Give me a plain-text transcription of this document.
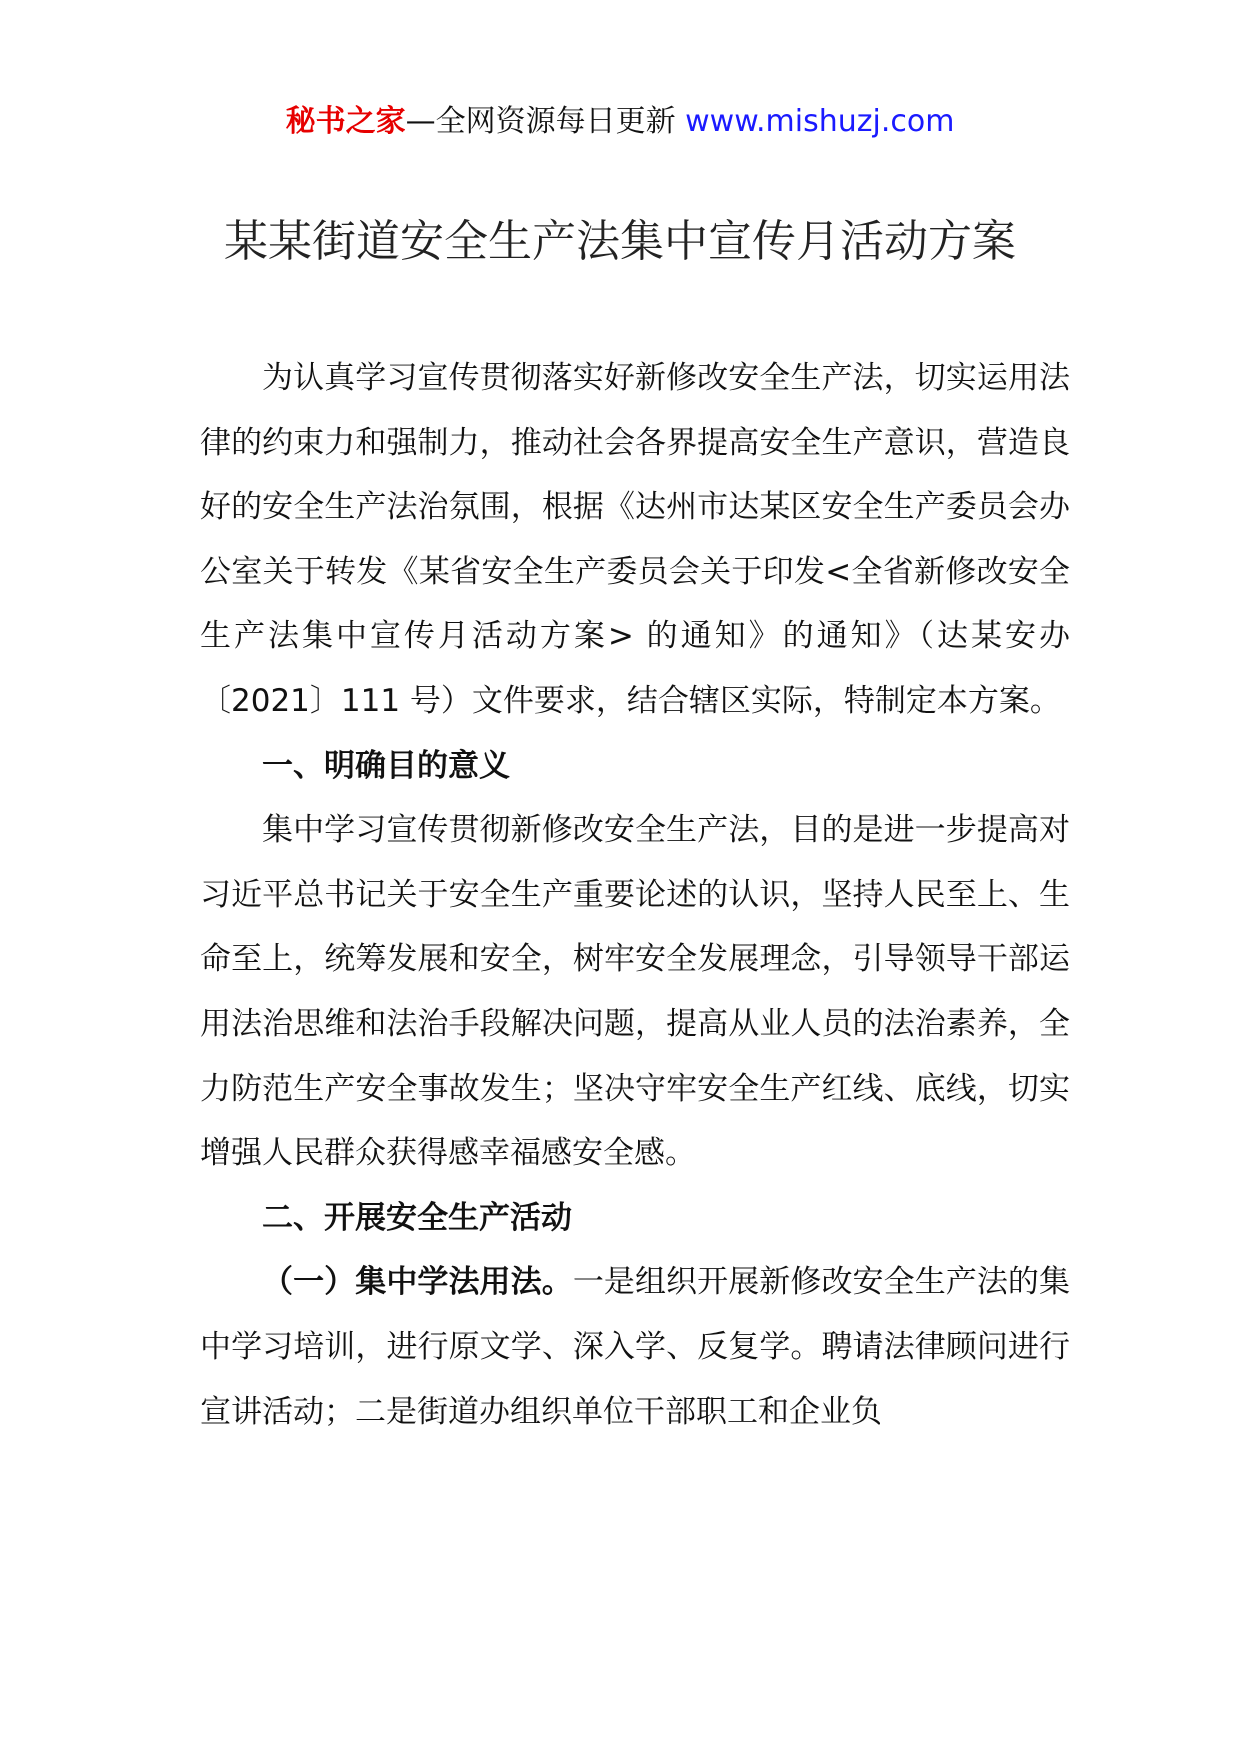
秘书之家—全网资源每日更新 www.mishuzj.com
某某街道安全生产法集中宣传月活动方案

为认真学习宣传贯彻落实好新修改安全生产法，切实运用法律的约束力和强制力，推动社会各界提高安全生产意识，营造良好的安全生产法治氛围，根据《达州市达某区安全生产委员会办公室关于转发《某省安全生产委员会关于印发<全省新修改安全生产法集中宣传月活动方案> 的通知》的通知》（达某安办〔2021〕111 号）文件要求，结合辖区实际，特制定本方案。

一、明确目的意义

集中学习宣传贯彻新修改安全生产法，目的是进一步提高对习近平总书记关于安全生产重要论述的认识，坚持人民至上、生命至上，统筹发展和安全，树牢安全发展理念，引导领导干部运用法治思维和法治手段解决问题，提高从业人员的法治素养，全力防范生产安全事故发生；坚决守牢安全生产红线、底线，切实增强人民群众获得感幸福感安全感。

二、开展安全生产活动

（一）集中学法用法。一是组织开展新修改安全生产法的集中学习培训，进行原文学、深入学、反复学。聘请法律顾问进行宣讲活动；二是街道办组织单位干部职工和企业负
